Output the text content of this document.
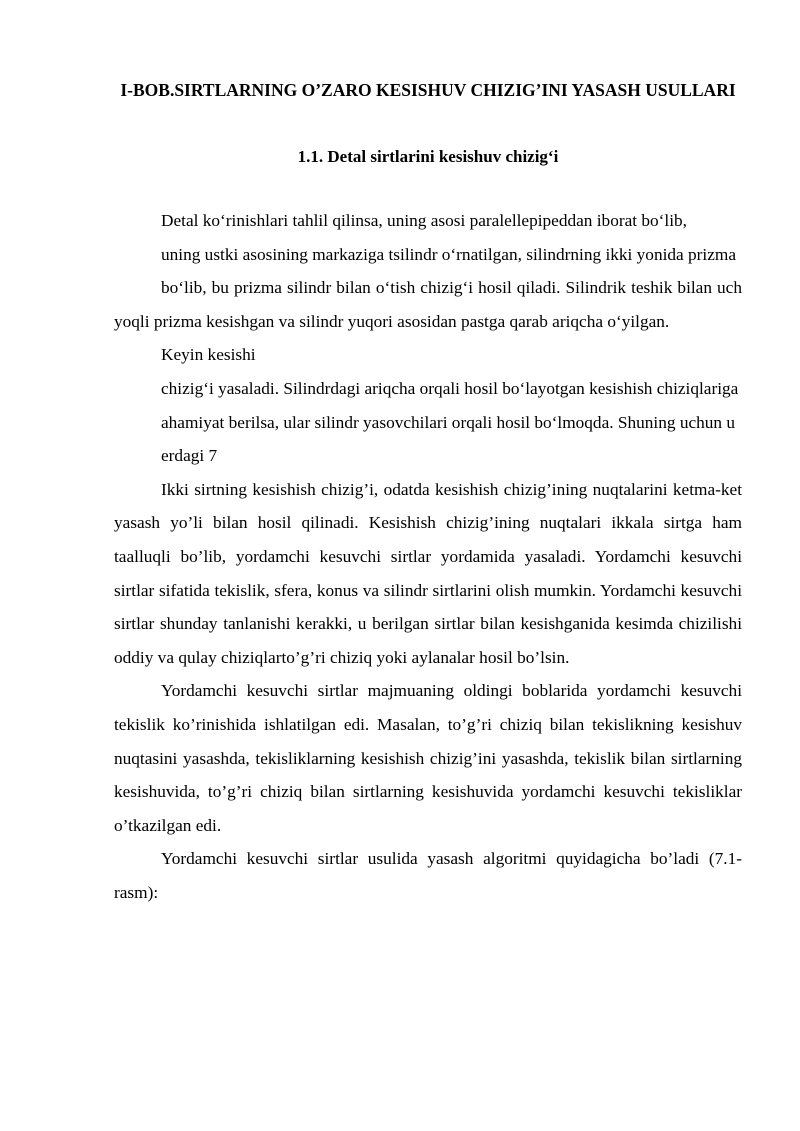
I-BOB.SIRTLARNING O’ZARO KESISHUV CHIZIG’INI YASASH USULLARI
1.1. Detal sirtlarini kesishuv chizig‘i

Detal ko‘rinishlari tahlil qilinsa, uning asosi paralellepipeddan iborat bo‘lib,

uning ustki asosining markaziga tsilindr o‘rnatilgan, silindrning ikki yonida prizma

bo‘lib, bu prizma silindr bilan o‘tish chizig‘i hosil qiladi. Silindrik teshik bilan uch yoqli prizma kesishgan va silindr yuqori asosidan pastga qarab ariqcha o‘yilgan.

Keyin kesishi

chizig‘i yasaladi. Silindrdagi ariqcha orqali hosil bo‘layotgan kesishish chiziqlariga

ahamiyat berilsa, ular silindr yasovchilari orqali hosil bo‘lmoqda. Shuning uchun u

erdagi 7

Ikki sirtning kesishish chizig’i, odatda kesishish chizig’ining nuqtalarini ketma-ket yasash yo’li bilan hosil qilinadi. Kesishish chizig’ining nuqtalari ikkala sirtga ham taalluqli bo’lib, yordamchi kesuvchi sirtlar yordamida yasaladi. Yordamchi kesuvchi sirtlar sifatida tekislik, sfera, konus va silindr sirtlarini olish mumkin. Yordamchi kesuvchi sirtlar shunday tanlanishi kerakki, u berilgan sirtlar bilan kesishganida kesimda chizilishi oddiy va qulay chiziqlarto’g’ri chiziq yoki aylanalar hosil bo’lsin.

Yordamchi kesuvchi sirtlar majmuaning oldingi boblarida yordamchi kesuvchi tekislik ko’rinishida ishlatilgan edi. Masalan, to’g’ri chiziq bilan tekislikning kesishuv nuqtasini yasashda, tekisliklarning kesishish chizig’ini yasashda, tekislik bilan sirtlarning kesishuvida, to’g’ri chiziq bilan sirtlarning kesishuvida yordamchi kesuvchi tekisliklar o’tkazilgan edi.

Yordamchi kesuvchi sirtlar usulida yasash algoritmi quyidagicha bo’ladi (7.1-rasm):
